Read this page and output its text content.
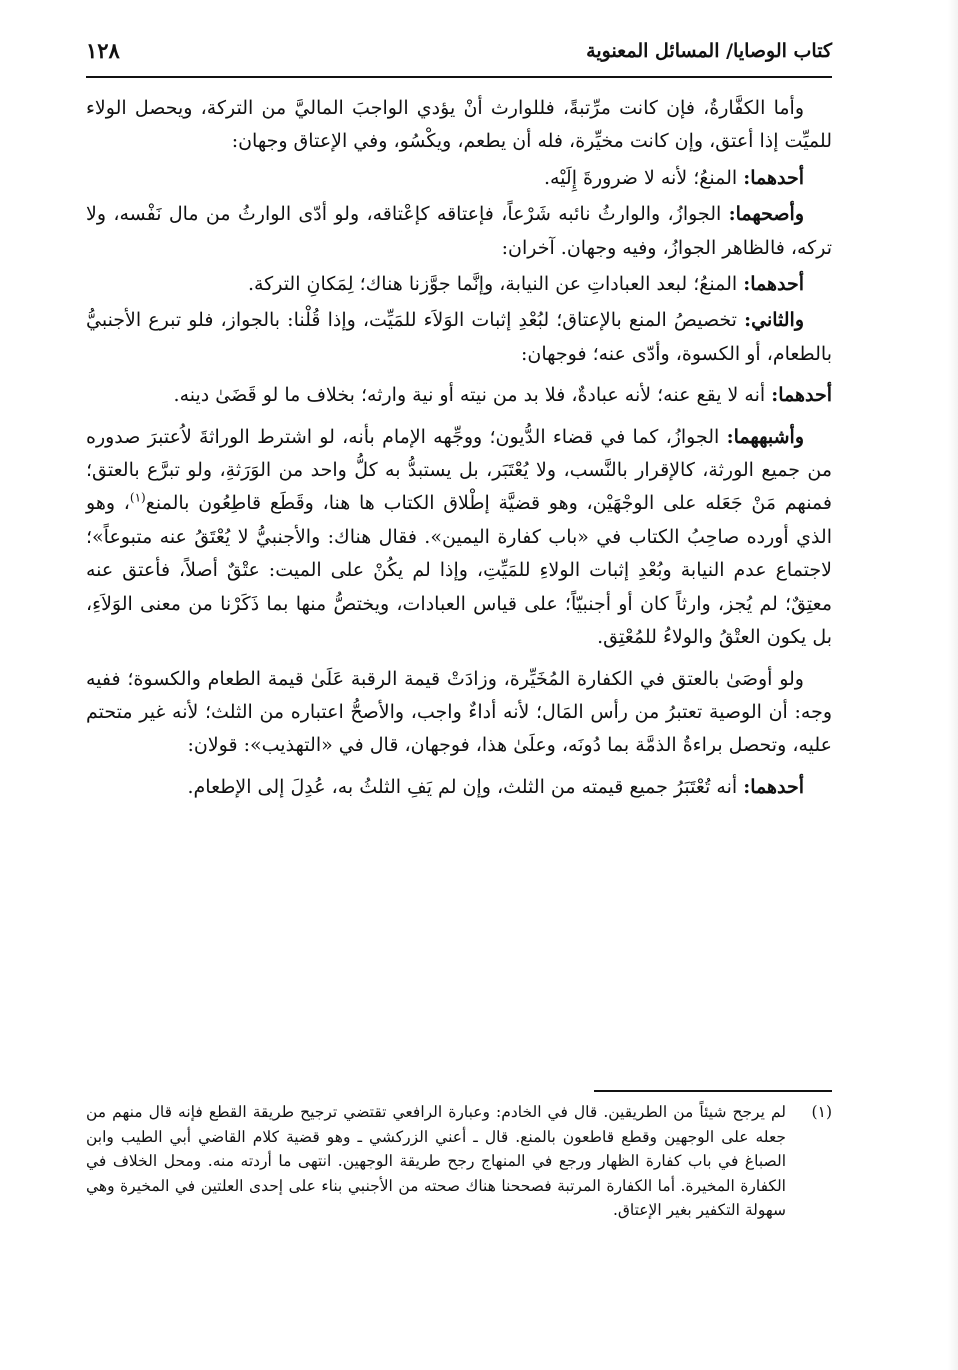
كتاب الوصايا/ المسائل المعنوية
١٢٨

وأما الكفَّارةُ، فإن كانت مرِّتبةً، فللوارث أنْ يؤدي الواجبَ الماليَّ من التركة، ويحصل الولاء للميِّت إذا أعتق، وإن كانت مخيِّرة، فله أن يطعم، ويكْسُو، وفي الإعتاق وجهان:

أحدهما: المنعُ؛ لأنه لا ضرورةَ إِلَيْه.

وأصحهما: الجوازُ، والوارثُ نائبه شَرْعاً، فإعتاقه كإعْتاقه، ولو أدّى الوارثُ من مال نَفْسه، ولا تركه، فالظاهر الجوازُ، وفيه وجهان. آخران:

أحدهما: المنعُ؛ لبعد العباداتِ عن النيابة، وإنَّما جوَّزنا هناك؛ لِمَكانِ التركة.

والثاني: تخصيصُ المنع بالإعتاق؛ لبُعْدِ إثبات الوَلاَء للمَيِّت، وإذا قُلْنا: بالجواز، فلو تبرع الأجنبيُّ بالطعام، أو الكسوة، وأدّى عنه؛ فوجهان:

أحدهما: أنه لا يقع عنه؛ لأنه عبادةٌ، فلا بد من نيته أو نية وارثه؛ بخلاف ما لو قَضَىٰ دينه.

وأشبههما: الجوازُ، كما في قضاء الدُّيون؛ ووجِّهه الإمام بأنه، لو اشترط الوراثةَ لاُعتبرَ صدوره من جميع الورثة، كالإقرار بالنَّسب، ولا يُعْتَبَر، بل يستبدُّ به كلُّ واحد من الوَرَثةِ، ولو تبرَّع بالعتق؛ فمنهم مَنْ جَعَله على الوجْهَيْن، وهو قضيَّة إطْلاق الكتاب ها هنا، وقَطَع قاطِعُون بالمنع$^{(١)}$، وهو الذي أورده صاحِبُ الكتاب في «باب كفارة اليمين». فقال هناك: والأجنبيُّ لا يُعْتَقُ عنه متبوعاً»؛ لاجتماع عدم النيابة وبُعْدِ إثبات الولاءِ للمَيِّتِ، وإذا لم يكُنْ على الميت: عتْقٌ أصلاً، فأعتق عنه معتِقٌ؛ لم يُجز، وارثاً كان أو أجنبيّاً؛ على قياس العبادات، ويختصُّ منها بما ذَكَرْنا من معنى الوَلاَءِ، بل يكون العتْقُ والولاءُ للمُعْتِق.

ولو أوصَىٰ بالعتق في الكفارة المُخَيِّرة، وزادَتْ قيمة الرقبة عَلَىٰ قيمة الطعام والكسوة؛ ففيه وجه: أن الوصية تعتبرُ من رأس المَال؛ لأنه أداءٌ واجب، والأصحُّ اعتباره من الثلث؛ لأنه غير متحتم عليه، وتحصل براءةُ الذمَّة بما دُونَه، وعلَىٰ هذا، فوجهان، قال في «التهذيب»: قولان:

أحدهما: أنه تُعْتَبَرُ جميع قيمته من الثلث، وإن لم يَفِ الثلثُ به، عُدِلَ إلى الإطعام.

(١)
لم يرجح شيئاً من الطريقين. قال في الخادم: وعبارة الرافعي تقتضي ترجيح طريقة القطع فإنه قال منهم من جعله على الوجهين وقطع قاطعون بالمنع. قال ـ أعني الزركشي ـ وهو قضية كلام القاضي أبي الطيب وابن الصباغ في باب كفارة الظهار ورجع في المنهاج رجح طريقة الوجهين. انتهى ما أردته منه. ومحل الخلاف في الكفارة المخيرة. أما الكفارة المرتبة فصححنا هناك صحته من الأجنبي بناء على إحدى العلتين في المخيرة وهي سهولة التكفير بغير الإعتاق.
